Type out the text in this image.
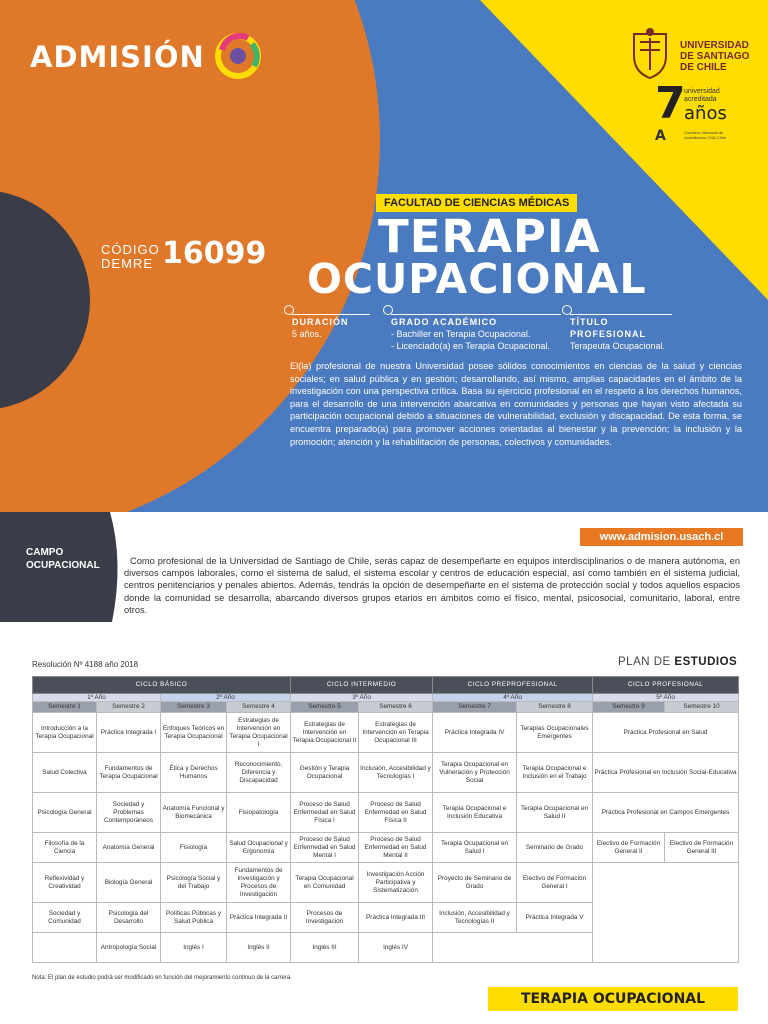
ADMISIÓN	UNIVERSIDAD
DE SANTIAGO
DE CHILE
7
universidad
acreditada
años
A	Comisión Nacional de Acreditación CNA-Chile
CÓDIGO
DEMRE 16099
FACULTAD DE CIENCIAS MÉDICAS
TERAPIA
OCUPACIONAL
DURACIÓN
5 años.
GRADO ACADÉMICO
- Bachiller en Terapia Ocupacional.
- Licenciado(a) en Terapia Ocupacional.
TÍTULO PROFESIONAL
Terapeuta Ocupacional.
El(la) profesional de nuestra Universidad posee sólidos conocimientos en ciencias de la salud y ciencias sociales; en salud pública y en gestión; desarrollando, así mismo, amplias capacidades en el ámbito de la investigación con una perspectiva crítica. Basa su ejercicio profesional en el respeto a los derechos humanos, para el desarrollo de una intervención abarcativa en comunidades y personas que hayan visto afectada su participación ocupacional debido a situaciones de vulnerabilidad, exclusión y discapacidad. De esta forma, se encuentra preparado(a) para promover acciones orientadas al bienestar y la prevención; la inclusión y la promoción; atención y la rehabilitación de personas, colectivos y comunidades.
CAMPO
OCUPACIONAL
www.admision.usach.cl
Como profesional de la Universidad de Santiago de Chile, serás capaz de desempeñarte en equipos interdisciplinarios o de manera autónoma, en diversos campos laborales, como el sistema de salud, el sistema escolar y centros de educación especial, así como también en el sistema judicial, centros penitenciarios y penales abiertos. Además, tendrás la opción de desempeñarte en el sistema de protección social y todos aquellos espacios donde la comunidad se desarrolla, abarcando diversos grupos etarios en ámbitos como el físico, mental, psicosocial, comunitario, laboral, entre otros.
Resolución Nº 4188 año 2018	PLAN DE ESTUDIOS
CICLO BÁSICO				CICLO INTERMEDIO		CICLO PREPROFESIONAL		CICLO PROFESIONAL	
1º Año		2º Año		3º Año		4º Año		5º Año	
Semestre 1	Semestre 2	Semestre 3	Semestre 4	Semestre 5	Semestre 6	Semestre 7	Semestre 8	Semestre 9	Semestre 10
Introducción a la Terapia Ocupacional	Práctica Integrada I	Enfoques Teóricos en Terapia Ocupacional	Estrategias de Intervención en Terapia Ocupacional I	Estrategias de Intervención en Terapia Ocupacional II	Estrategias de Intervención en Terapia Ocupacional III	Práctica Integrada IV	Terapias Ocupacionales Emergentes	Práctica Profesional en Salud	
Salud Colectiva	Fundamentos de Terapia Ocupacional	Ética y Derechos Humanos	Reconocimiento, Diferencia y Discapacidad	Gestión y Terapia Ocupacional	Inclusión, Accesibilidad y Tecnologías I	Terapia Ocupacional en Vulneración y Protección Social	Terapia Ocupacional e Inclusión en el Trabajo	Práctica Profesional en Inclusión Social-Educativa	
Psicología General	Sociedad y Problemas Contemporáneos	Anatomía Funcional y Biomecánica	Fisiopatología	Proceso de Salud Enfermedad en Salud Física I	Proceso de Salud Enfermedad en Salud Física II	Terapia Ocupacional e Inclusión Educativa	Terapia Ocupacional en Salud II	Práctica Profesional en Campos Emergentes	
Filosofía de la Ciencia	Anatomía General	Fisiología	Salud Ocupacional y Ergonomía	Proceso de Salud Enfermedad en Salud Mental I	Proceso de Salud Enfermedad en Salud Mental II	Terapia Ocupacional en Salud I	Seminario de Grado	Electivo de Formación General II	Electivo de Formación General III
Reflexividad y Creatividad	Biología General	Psicología Social y del Trabajo	Fundamentos de Investigación y Procesos de Investigación	Terapia Ocupacional en Comunidad	Investigación Acción Participativa y Sistematización	Proyecto de Seminario de Grado	Electivo de Formación General I		
Sociedad y Comunidad	Psicología del Desarrollo	Políticas Públicas y Salud Pública	Práctica Integrada II	Procesos de Investigación	Práctica Integrada III	Inclusión, Accesibilidad y Tecnologías II	Práctica Integrada V		
	Antropología Social	Inglés I	Inglés II	Inglés III	Inglés IV				
Nota: El plan de estudio podrá ser modificado en función del mejoramiento continuo de la carrera.
TERAPIA OCUPACIONAL
